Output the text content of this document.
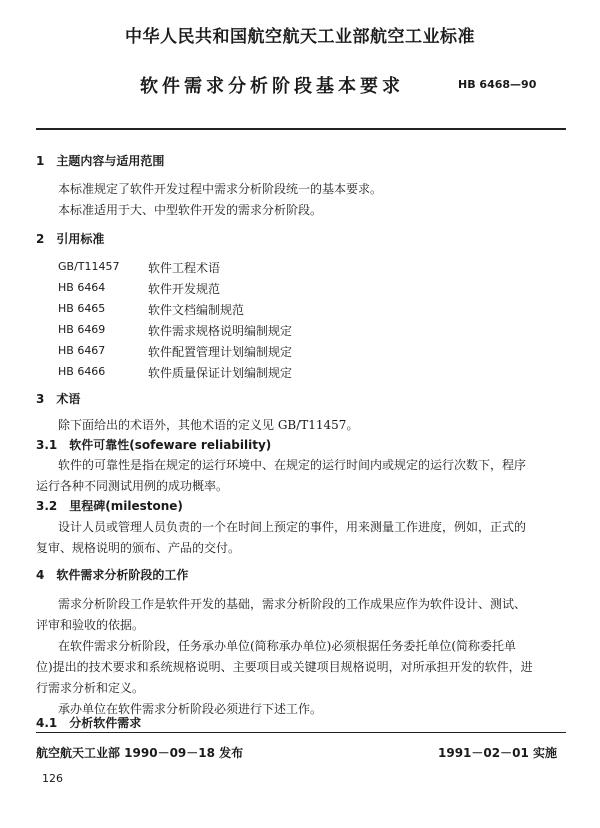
中华人民共和国航空航天工业部航空工业标准
软件需求分析阶段基本要求	HB 6468—90
1　主题内容与适用范围
本标准规定了软件开发过程中需求分析阶段统一的基本要求。
本标准适用于大、中型软件开发的需求分析阶段。
2　引用标准
GB/T11457 软件工程术语
HB 6464	软件开发规范
HB 6465	软件文档编制规范
HB 6469	软件需求规格说明编制规定
HB 6467	软件配置管理计划编制规定
HB 6466	软件质量保证计划编制规定
3　术语
除下面给出的术语外，其他术语的定义见 GB/T11457。
3.1　软件可靠性(sofeware reliability)
软件的可靠性是指在规定的运行环境中、在规定的运行时间内或规定的运行次数下，程序
运行各种不同测试用例的成功概率。
3.2　里程碑(milestone)
设计人员或管理人员负责的一个在时间上预定的事件，用来测量工作进度，例如，正式的
复审、规格说明的颁布、产品的交付。
4　软件需求分析阶段的工作
需求分析阶段工作是软件开发的基础，需求分析阶段的工作成果应作为软件设计、测试、
评审和验收的依据。
在软件需求分析阶段，任务承办单位(简称承办单位)必须根据任务委托单位(简称委托单
位)提出的技术要求和系统规格说明、主要项目或关键项目规格说明，对所承担开发的软件，进
行需求分析和定义。
承办单位在软件需求分析阶段必须进行下述工作。
4.1　分析软件需求
航空航天工业部 1990－09－18 发布	1991－02－01 实施
126
